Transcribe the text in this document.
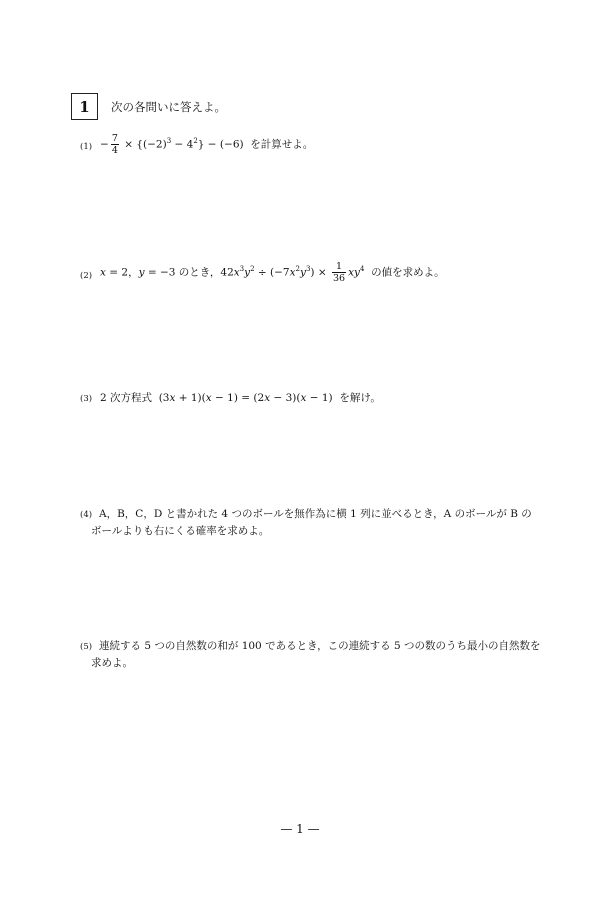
1 次の各問いに答えよ。
$(1) - \frac{7}{4} \times \{(-2)^3 - 4^2\} - (-6)$  を計算せよ。
(2) x = 2，y = −3 のとき，$42x^3y^2 \div (-7x^2y^3) \times \frac{1}{36} xy^4$ の値を求めよ。
(3) 2 次方程式  (3x + 1)(x − 1) = (2x − 3)(x − 1)  を解け。
(4) A，B，C，D と書かれた 4 つのボールを無作為に横 1 列に並べるとき，A のボールが B の
ボールよりも右にくる確率を求めよ。
(5) 連続する 5 つの自然数の和が 100 であるとき，この連続する 5 つの数のうち最小の自然数を
求めよ。
— 1 —
